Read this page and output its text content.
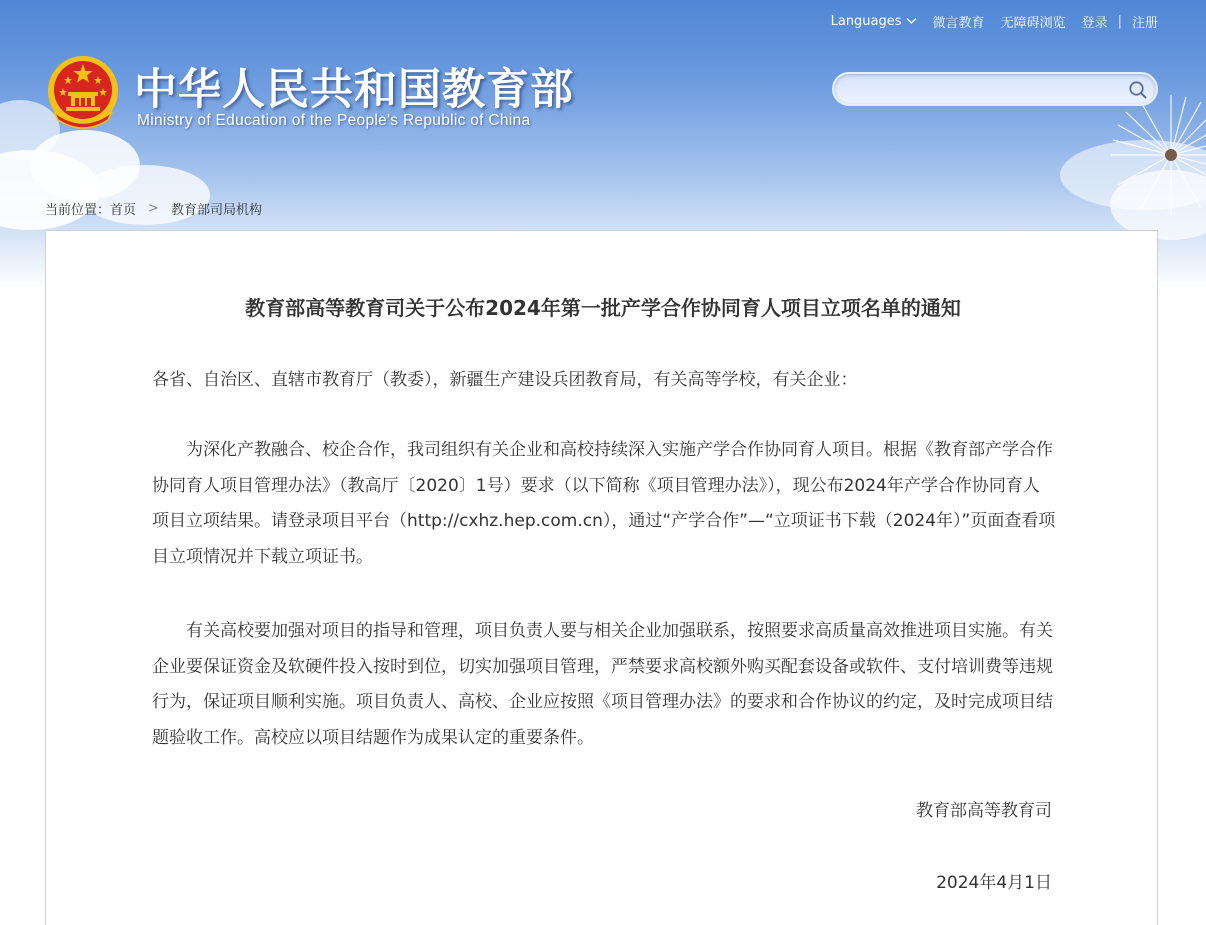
Languages 微言教育 无障碍浏览 登录 | 注册
中华人民共和国教育部
Ministry of Education of the People's Republic of China
当前位置： 首页 > 教育部司局机构
教育部高等教育司关于公布2024年第一批产学合作协同育人项目立项名单的通知

各省、自治区、直辖市教育厅（教委），新疆生产建设兵团教育局，有关高等学校，有关企业：

为深化产教融合、校企合作，我司组织有关企业和高校持续深入实施产学合作协同育人项目。根据《教育部产学合作协同育人项目管理办法》（教高厅〔2020〕1号）要求（以下简称《项目管理办法》），现公布2024年产学合作协同育人项目立项结果。请登录项目平台（http://cxhz.hep.com.cn），通过“产学合作”—“立项证书下载（2024年）”页面查看项目立项情况并下载立项证书。

有关高校要加强对项目的指导和管理，项目负责人要与相关企业加强联系，按照要求高质量高效推进项目实施。有关企业要保证资金及软硬件投入按时到位，切实加强项目管理，严禁要求高校额外购买配套设备或软件、支付培训费等违规行为，保证项目顺利实施。项目负责人、高校、企业应按照《项目管理办法》的要求和合作协议的约定，及时完成项目结题验收工作。高校应以项目结题作为成果认定的重要条件。

教育部高等教育司

2024年4月1日
